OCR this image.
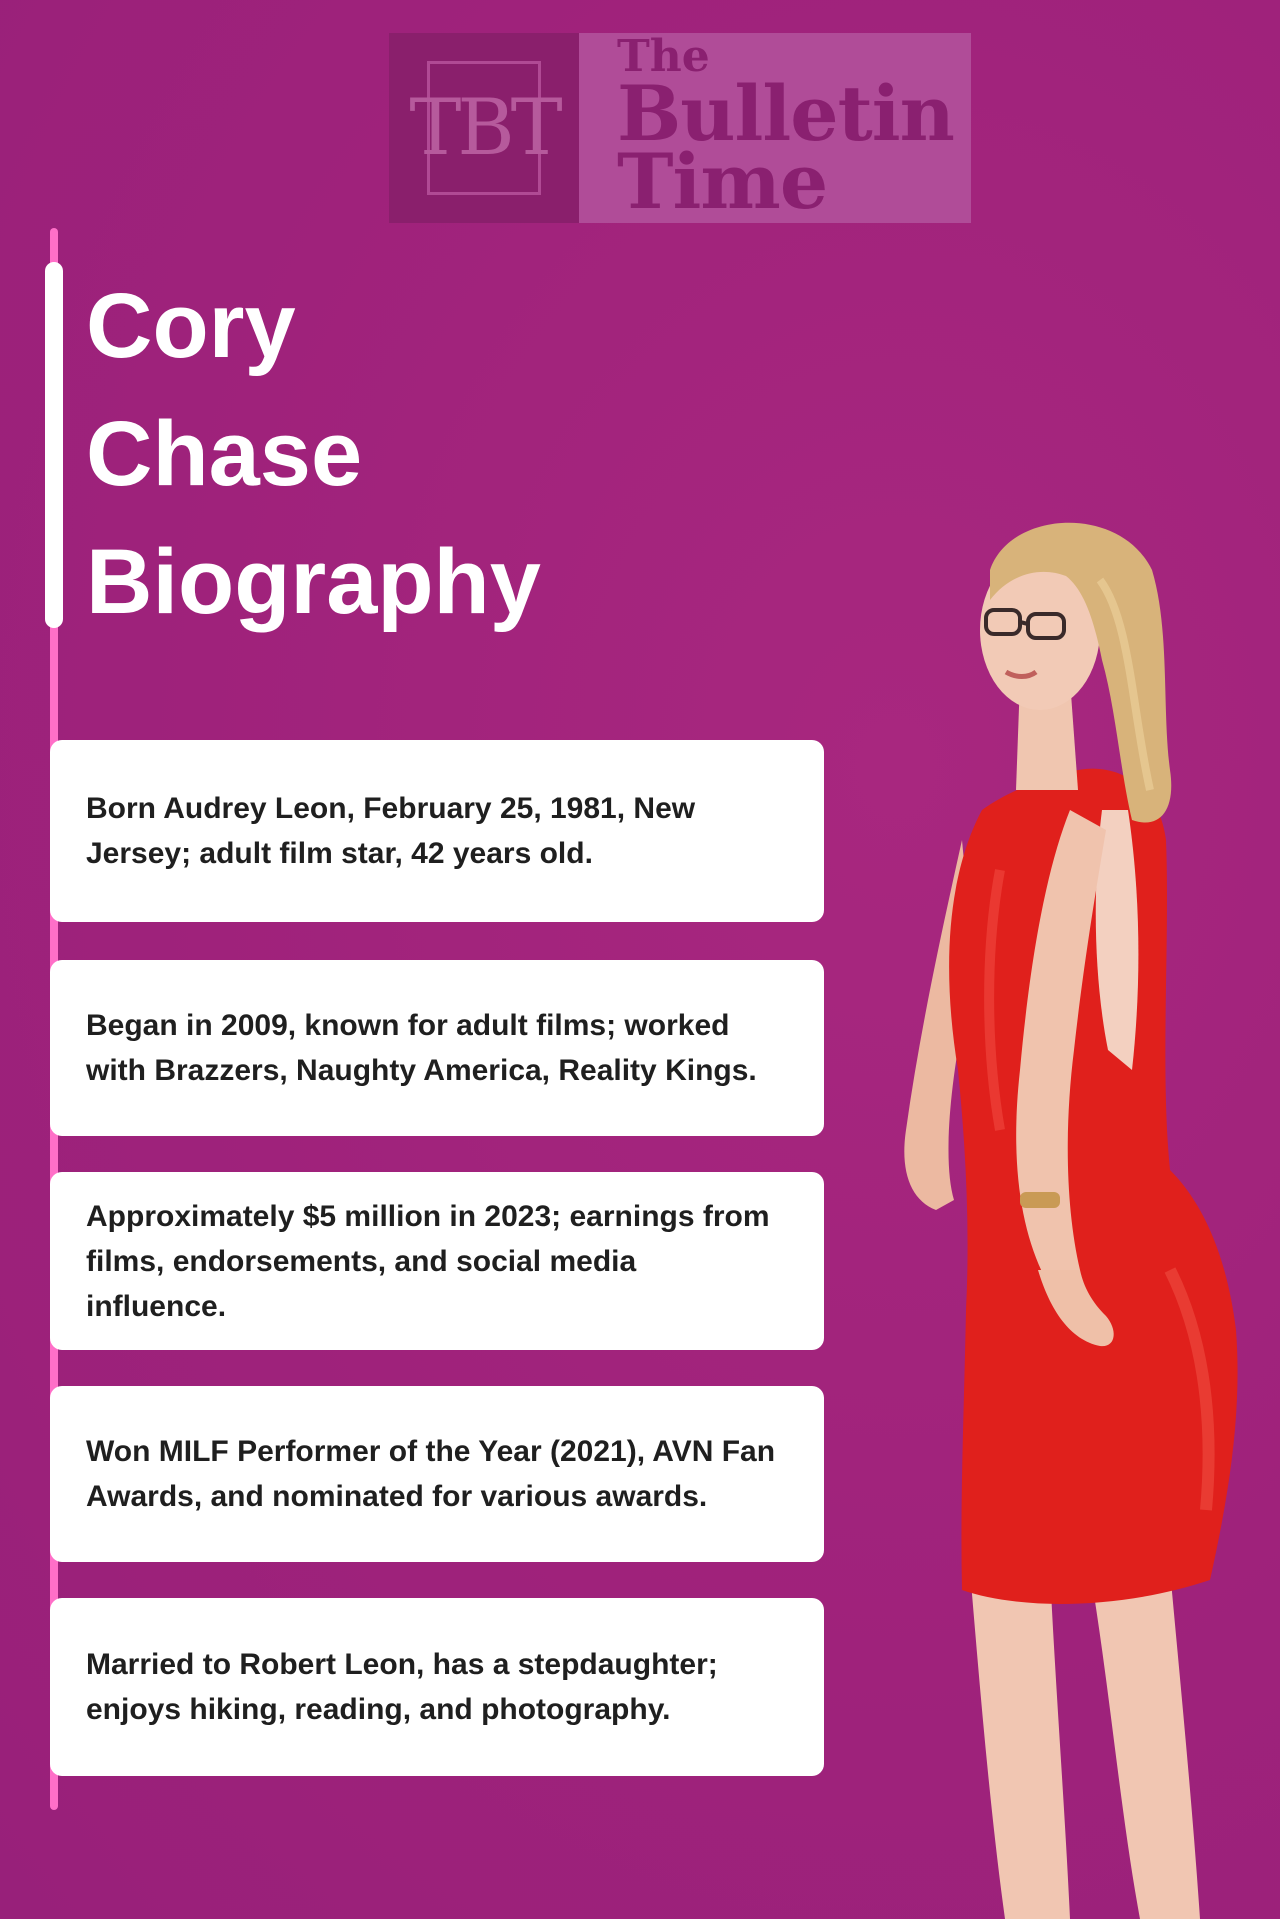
TBT
The
Bulletin
Time
Cory
Chase
Biography

Born Audrey Leon, February 25, 1981, New Jersey; adult film star, 42 years old.

Began in 2009, known for adult films; worked with Brazzers, Naughty America, Reality Kings.

Approximately $5 million in 2023; earnings from films, endorsements, and social media influence.

Won MILF Performer of the Year (2021), AVN Fan Awards, and nominated for various awards.

Married to Robert Leon, has a stepdaughter; enjoys hiking, reading, and photography.
